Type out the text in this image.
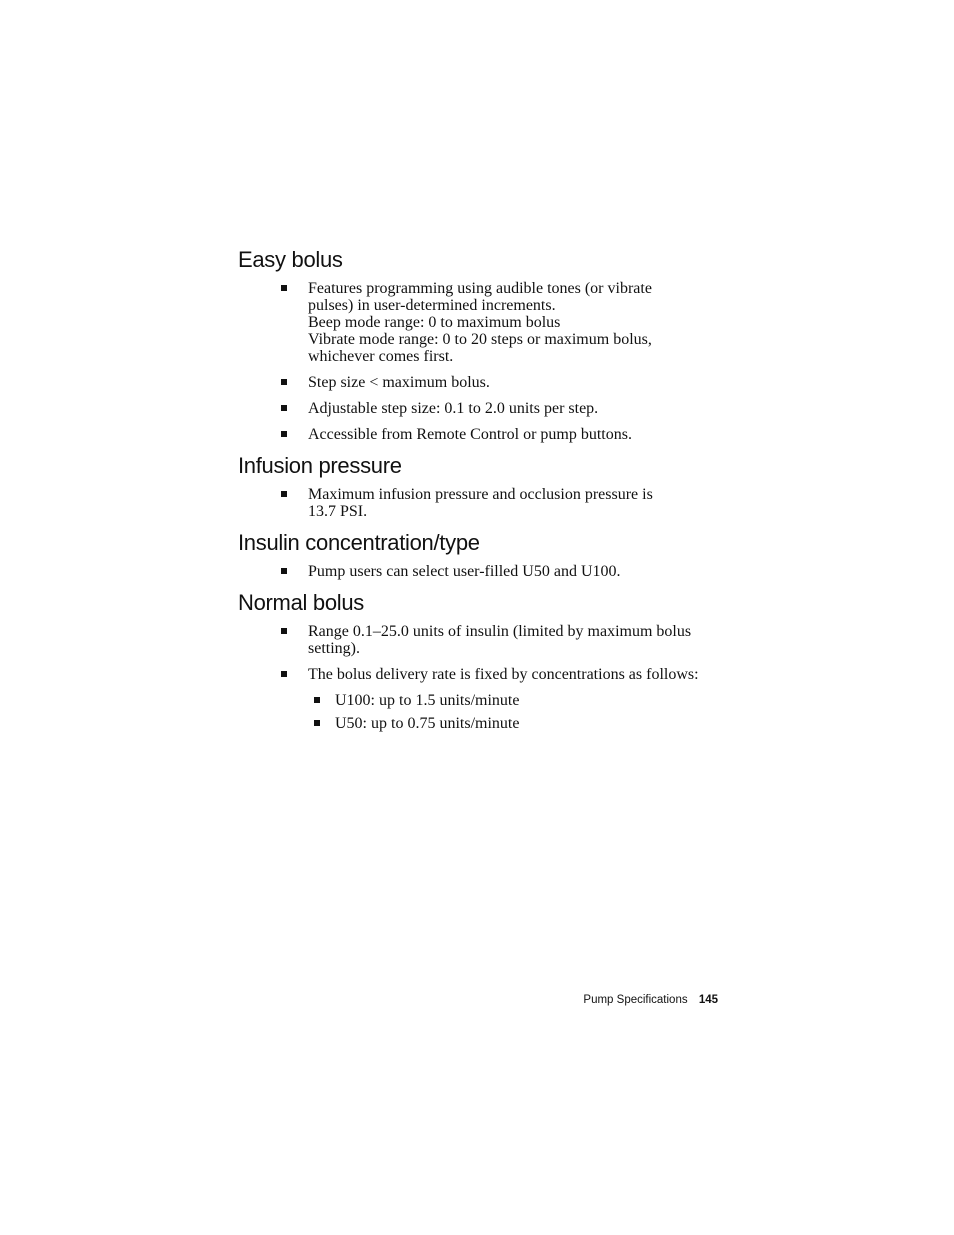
Easy bolus
Features programming using audible tones (or vibrate
pulses) in user-determined increments.
Beep mode range: 0 to maximum bolus
Vibrate mode range: 0 to 20 steps or maximum bolus,
whichever comes first.
Step size < maximum bolus.
Adjustable step size: 0.1 to 2.0 units per step.
Accessible from Remote Control or pump buttons.
Infusion pressure
Maximum infusion pressure and occlusion pressure is
13.7 PSI.
Insulin concentration/type
Pump users can select user-filled U50 and U100.
Normal bolus
Range 0.1–25.0 units of insulin (limited by maximum bolus
setting).
The bolus delivery rate is fixed by concentrations as follows:
U100: up to 1.5 units/minute
U50: up to 0.75 units/minute
Pump Specifications 145
